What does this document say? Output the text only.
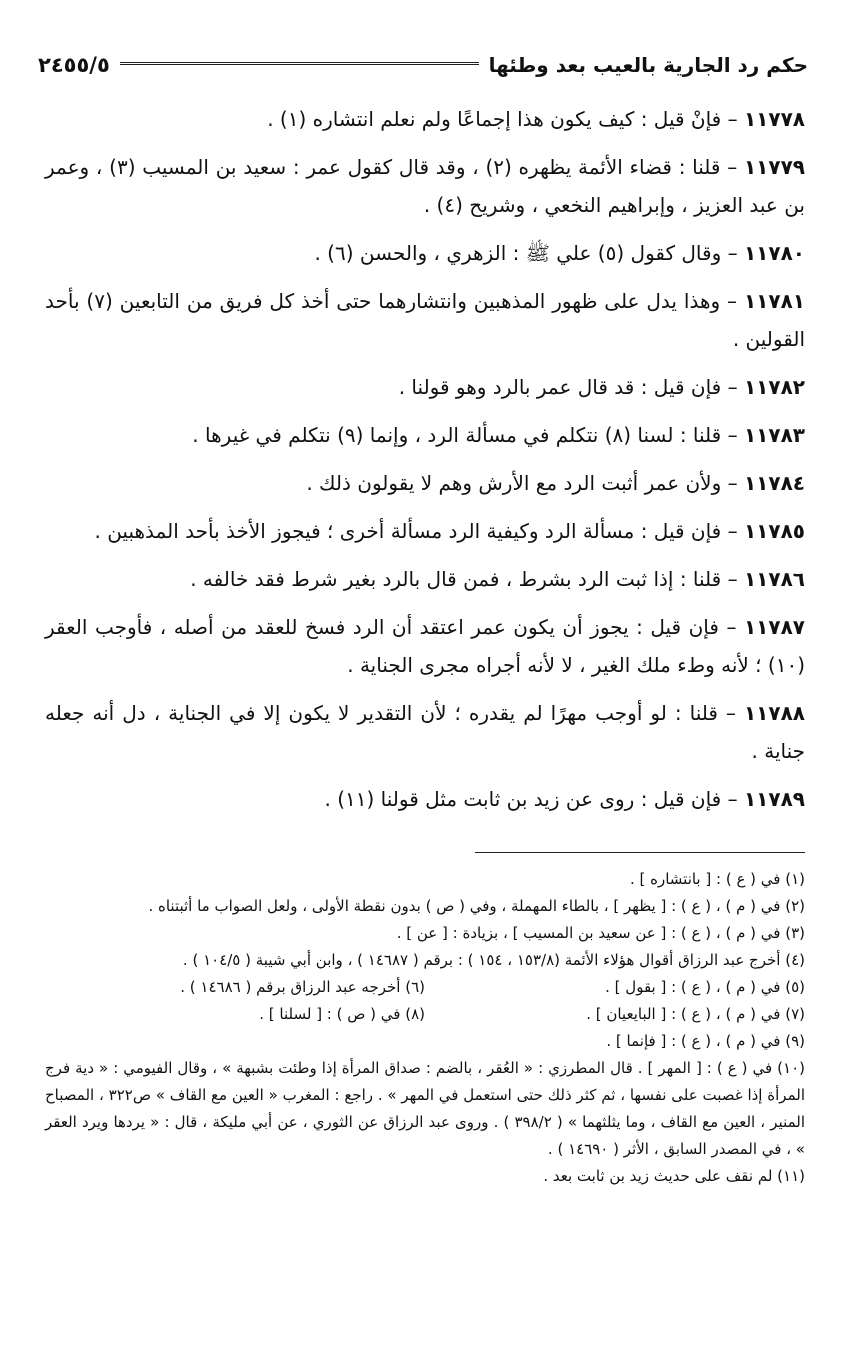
حكم رد الجارية بالعيب بعد وطئها
٢٤٥٥/٥

١١٧٧٨ – فإنْ قيل : كيف يكون هذا إجماعًا ولم نعلم انتشاره (١) .

١١٧٧٩ – قلنا : قضاء الأئمة يظهره (٢) ، وقد قال كقول عمر : سعيد بن المسيب (٣) ، وعمر بن عبد العزيز ، وإبراهيم النخعي ، وشريح (٤) .

١١٧٨٠ – وقال كقول (٥) علي ﷺ : الزهري ، والحسن (٦) .

١١٧٨١ – وهذا يدل على ظهور المذهبين وانتشارهما حتى أخذ كل فريق من التابعين (٧) بأحد القولين .

١١٧٨٢ – فإن قيل : قد قال عمر بالرد وهو قولنا .

١١٧٨٣ – قلنا : لسنا (٨) نتكلم في مسألة الرد ، وإنما (٩) نتكلم في غيرها .

١١٧٨٤ – ولأن عمر أثبت الرد مع الأرش وهم لا يقولون ذلك .

١١٧٨٥ – فإن قيل : مسألة الرد وكيفية الرد مسألة أخرى ؛ فيجوز الأخذ بأحد المذهبين .

١١٧٨٦ – قلنا : إذا ثبت الرد بشرط ، فمن قال بالرد بغير شرط فقد خالفه .

١١٧٨٧ – فإن قيل : يجوز أن يكون عمر اعتقد أن الرد فسخ للعقد من أصله ، فأوجب العقر (١٠) ؛ لأنه وطء ملك الغير ، لا لأنه أجراه مجرى الجناية .

١١٧٨٨ – قلنا : لو أوجب مهرًا لم يقدره ؛ لأن التقدير لا يكون إلا في الجناية ، دل أنه جعله جناية .

١١٧٨٩ – فإن قيل : روى عن زيد بن ثابت مثل قولنا (١١) .

(١) في ( ع ) : [ بانتشاره ] .

(٢) في ( م ) ، ( ع ) : [ يظهر ] ، بالطاء المهملة ، وفي ( ص ) بدون نقطة الأولى ، ولعل الصواب ما أثبتناه .

(٣) في ( م ) ، ( ع ) : [ عن سعيد بن المسيب ] ، بزيادة : [ عن ] .

(٤) أخرج عبد الرزاق أقوال هؤلاء الأئمة (١٥٣/٨ ، ١٥٤ ) : برقم ( ١٤٦٨٧ ) ، وابن أبي شيبة ( ١٠٤/٥ ) .

(٥) في ( م ) ، ( ع ) : [ بقول ] .

(٦) أخرجه عبد الرزاق برقم ( ١٤٦٨٦ ) .

(٧) في ( م ) ، ( ع ) : [ البايعيان ] .

(٨) في ( ص ) : [ لسلنا ] .

(٩) في ( م ) ، ( ع ) : [ فإنما ] .

(١٠) في ( ع ) : [ المهر ] . قال المطرزي : « العُقر ، بالضم : صداق المرأة إذا وطئت بشبهة » ، وقال الفيومي : « دية فرج المرأة إذا غصبت على نفسها ، ثم كثر ذلك حتى استعمل في المهر » . راجع : المغرب « العين مع القاف » ص٣٢٢ ، المصباح المنير ، العين مع القاف ، وما يثلثهما » ( ٣٩٨/٢ ) . وروى عبد الرزاق عن الثوري ، عن أبي مليكة ، قال : « يردها ويرد العقر » ، في المصدر السابق ، الأثر ( ١٤٦٩٠ ) .

(١١) لم نقف على حديث زيد بن ثابت بعد .
